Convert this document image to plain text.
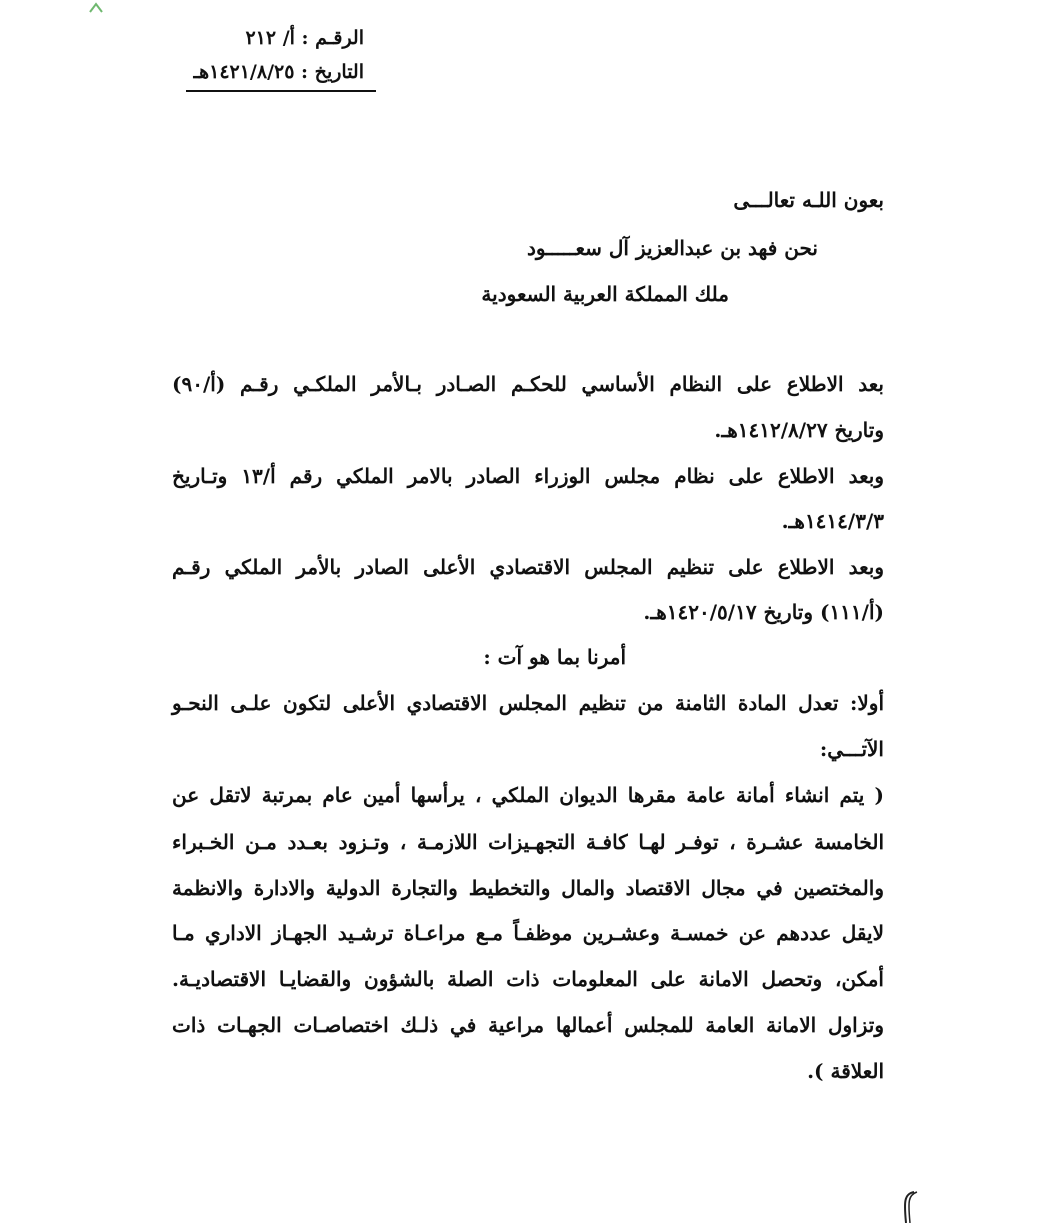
الرقـم : أ/ ٢١٢
التاريخ : ١٤٢١/٨/٢٥هـ
بعون اللـه تعالـــى
نحن فهد بن عبدالعزيز آل سعـــــود
ملك المملكة العربية السعودية
بعد الاطلاع على النظام الأساسي للحكـم الصـادر بـالأمر الملكـي رقـم (أ/٩٠)
وتاريخ ١٤١٢/٨/٢٧هـ.
وبعد الاطلاع على نظام مجلس الوزراء الصادر بالامر الملكي رقم أ/١٣ وتـاريخ
١٤١٤/٣/٣هـ.
وبعد الاطلاع على تنظيم المجلس الاقتصادي الأعلى الصادر بالأمر الملكي رقـم
(أ/١١١) وتاريخ ١٤٢٠/٥/١٧هـ.
أمرنا بما هو آت :
أولا: تعدل المادة الثامنة من تنظيم المجلس الاقتصادي الأعلى لتكون علـى النحـو
الآتـــي:
( يتم انشاء أمانة عامة مقرها الديوان الملكي ، يرأسها أمين عام بمرتبة لاتقل عن
الخامسة عشـرة ، توفـر لهـا كافـة التجهـيزات اللازمـة ، وتـزود بعـدد مـن الخـبراء
والمختصين في مجال الاقتصاد والمال والتخطيط والتجارة الدولية والادارة والانظمة
لايقل عددهم عن خمسـة وعشـرين موظفـاً مـع مراعـاة ترشـيد الجهـاز الاداري مـا
أمكن، وتحصل الامانة على المعلومات ذات الصلة بالشؤون والقضايـا الاقتصاديـة.
وتزاول الامانة العامة للمجلس أعمالها مراعية في ذلـك اختصاصـات الجهـات ذات
العلاقة ).
